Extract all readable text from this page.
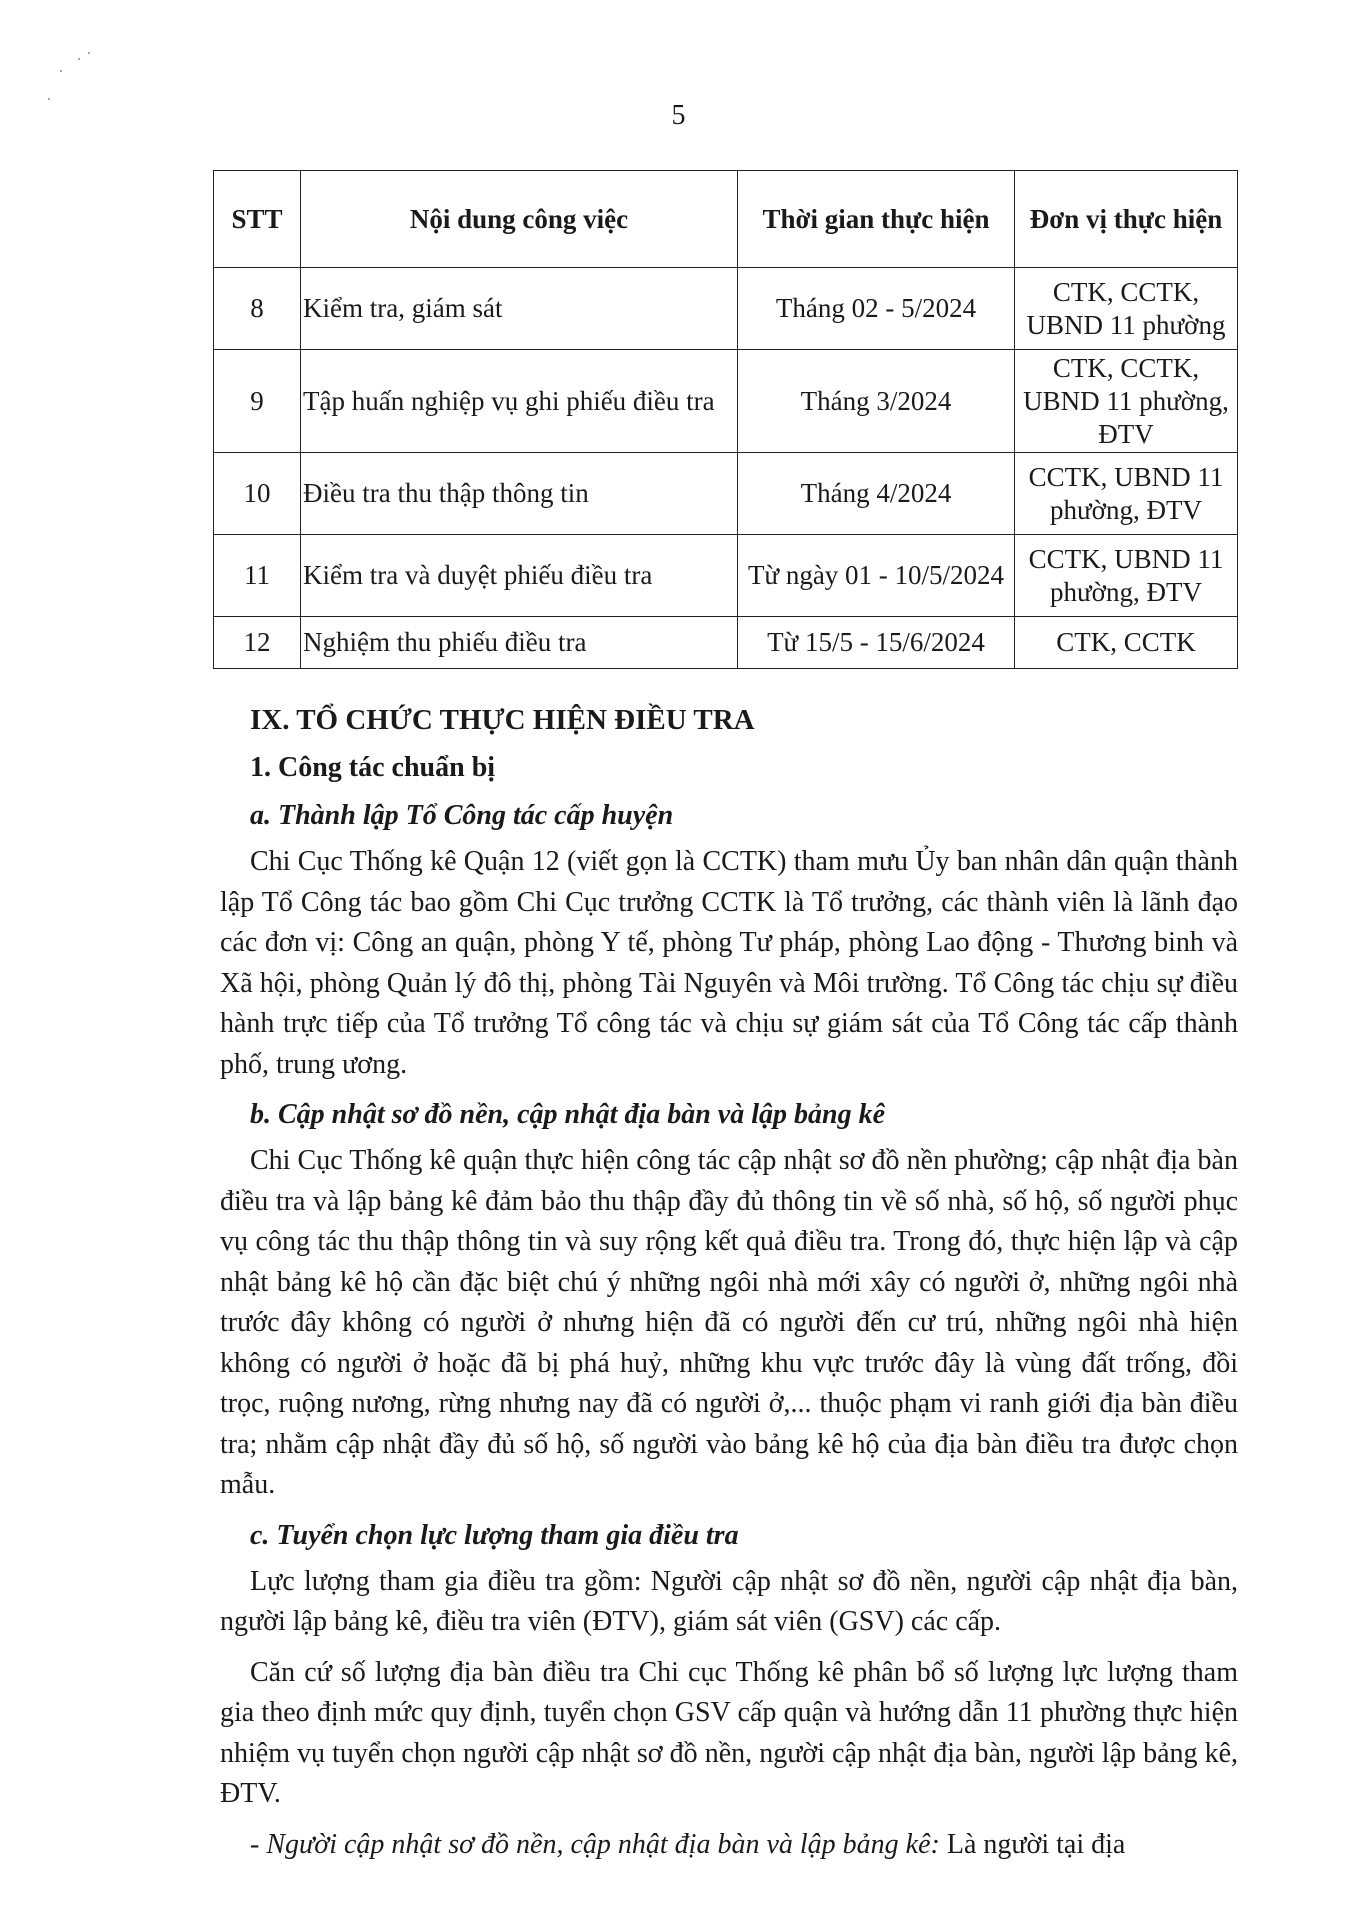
5
STT	Nội dung công việc	Thời gian thực hiện	Đơn vị thực hiện
8	Kiểm tra, giám sát	Tháng 02 - 5/2024	CTK, CCTK, UBND 11 phường
9	Tập huấn nghiệp vụ ghi phiếu điều tra	Tháng 3/2024	CTK, CCTK, UBND 11 phường, ĐTV
10	Điều tra thu thập thông tin	Tháng 4/2024	CCTK, UBND 11 phường, ĐTV
11	Kiểm tra và duyệt phiếu điều tra	Từ ngày 01 - 10/5/2024	CCTK, UBND 11 phường, ĐTV
12	Nghiệm thu phiếu điều tra	Từ 15/5 - 15/6/2024	CTK, CCTK
IX. TỔ CHỨC THỰC HIỆN ĐIỀU TRA
1. Công tác chuẩn bị
a. Thành lập Tổ Công tác cấp huyện

Chi Cục Thống kê Quận 12 (viết gọn là CCTK) tham mưu Ủy ban nhân dân quận thành lập Tổ Công tác bao gồm Chi Cục trưởng CCTK là Tổ trưởng, các thành viên là lãnh đạo các đơn vị: Công an quận, phòng Y tế, phòng Tư pháp, phòng Lao động - Thương binh và Xã hội, phòng Quản lý đô thị, phòng Tài Nguyên và Môi trường. Tổ Công tác chịu sự điều hành trực tiếp của Tổ trưởng Tổ công tác và chịu sự giám sát của Tổ Công tác cấp thành phố, trung ương.

b. Cập nhật sơ đồ nền, cập nhật địa bàn và lập bảng kê

Chi Cục Thống kê quận thực hiện công tác cập nhật sơ đồ nền phường; cập nhật địa bàn điều tra và lập bảng kê đảm bảo thu thập đầy đủ thông tin về số nhà, số hộ, số người phục vụ công tác thu thập thông tin và suy rộng kết quả điều tra. Trong đó, thực hiện lập và cập nhật bảng kê hộ cần đặc biệt chú ý những ngôi nhà mới xây có người ở, những ngôi nhà trước đây không có người ở nhưng hiện đã có người đến cư trú, những ngôi nhà hiện không có người ở hoặc đã bị phá huỷ, những khu vực trước đây là vùng đất trống, đồi trọc, ruộng nương, rừng nhưng nay đã có người ở,... thuộc phạm vi ranh giới địa bàn điều tra; nhằm cập nhật đầy đủ số hộ, số người vào bảng kê hộ của địa bàn điều tra được chọn mẫu.

c. Tuyển chọn lực lượng tham gia điều tra

Lực lượng tham gia điều tra gồm: Người cập nhật sơ đồ nền, người cập nhật địa bàn, người lập bảng kê, điều tra viên (ĐTV), giám sát viên (GSV) các cấp.

Căn cứ số lượng địa bàn điều tra Chi cục Thống kê phân bổ số lượng lực lượng tham gia theo định mức quy định, tuyển chọn GSV cấp quận và hướng dẫn 11 phường thực hiện nhiệm vụ tuyển chọn người cập nhật sơ đồ nền, người cập nhật địa bàn, người lập bảng kê, ĐTV.

- Người cập nhật sơ đồ nền, cập nhật địa bàn và lập bảng kê: Là người tại địa
